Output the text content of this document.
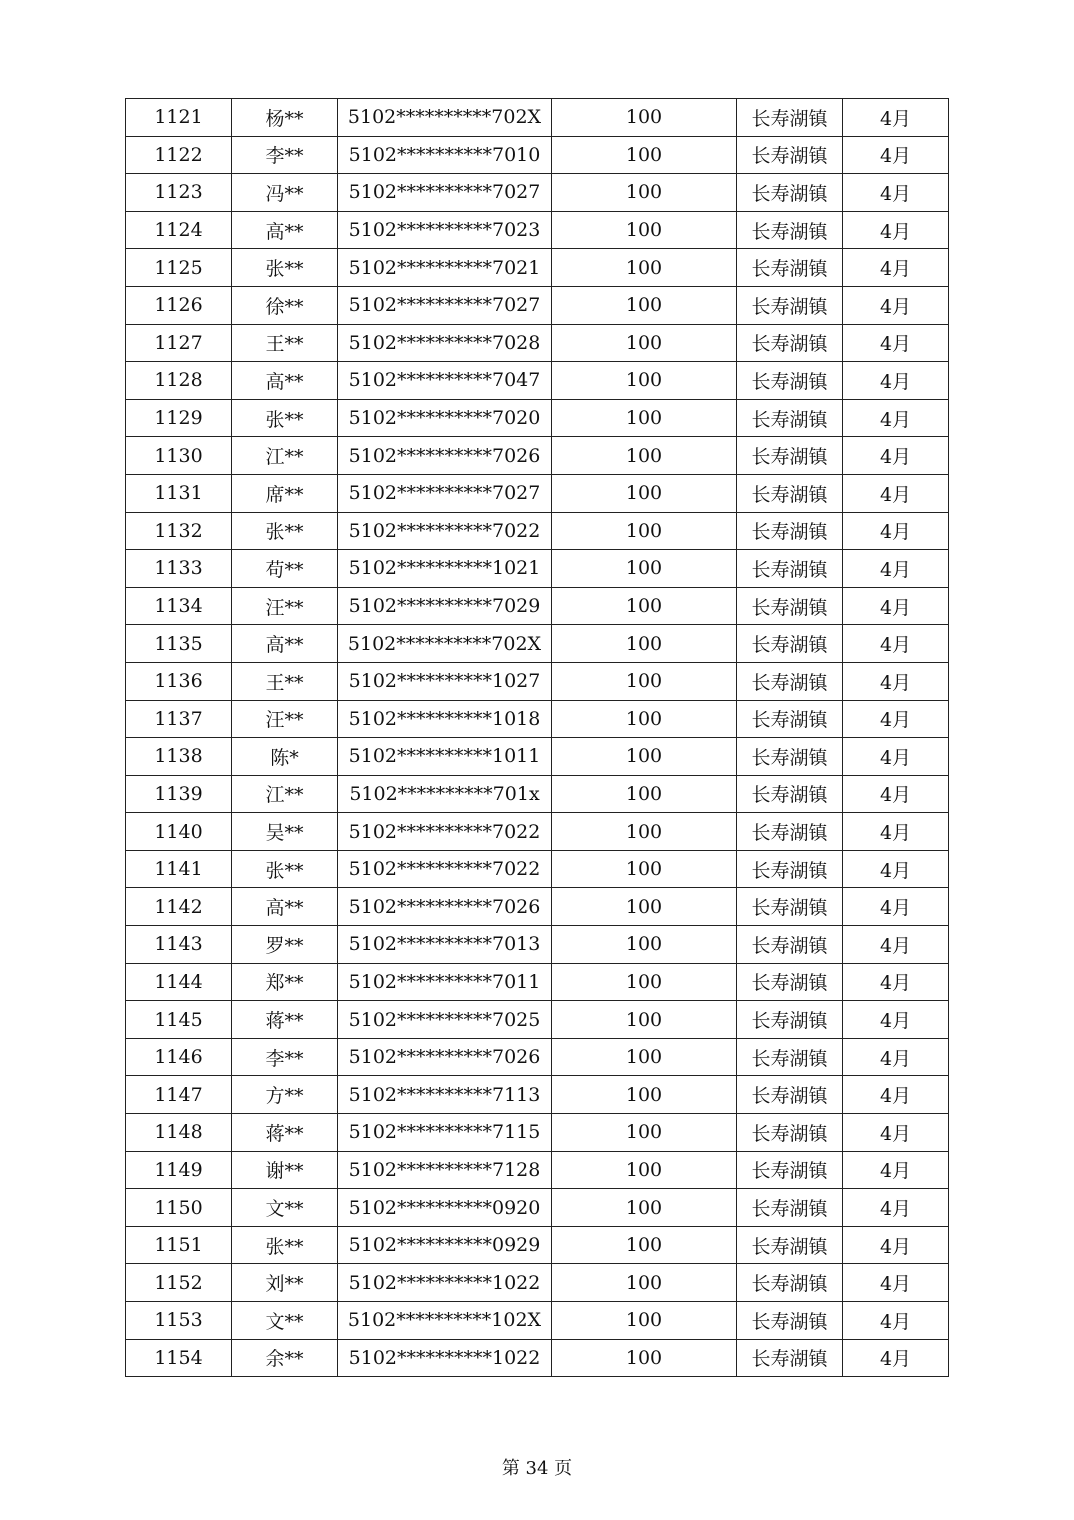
1121	杨**	5102**********702X	100	长寿湖镇	4月
1122	李**	5102**********7010	100	长寿湖镇	4月
1123	冯**	5102**********7027	100	长寿湖镇	4月
1124	高**	5102**********7023	100	长寿湖镇	4月
1125	张**	5102**********7021	100	长寿湖镇	4月
1126	徐**	5102**********7027	100	长寿湖镇	4月
1127	王**	5102**********7028	100	长寿湖镇	4月
1128	高**	5102**********7047	100	长寿湖镇	4月
1129	张**	5102**********7020	100	长寿湖镇	4月
1130	江**	5102**********7026	100	长寿湖镇	4月
1131	席**	5102**********7027	100	长寿湖镇	4月
1132	张**	5102**********7022	100	长寿湖镇	4月
1133	苟**	5102**********1021	100	长寿湖镇	4月
1134	汪**	5102**********7029	100	长寿湖镇	4月
1135	高**	5102**********702X	100	长寿湖镇	4月
1136	王**	5102**********1027	100	长寿湖镇	4月
1137	汪**	5102**********1018	100	长寿湖镇	4月
1138	陈*	5102**********1011	100	长寿湖镇	4月
1139	江**	5102**********701x	100	长寿湖镇	4月
1140	吴**	5102**********7022	100	长寿湖镇	4月
1141	张**	5102**********7022	100	长寿湖镇	4月
1142	高**	5102**********7026	100	长寿湖镇	4月
1143	罗**	5102**********7013	100	长寿湖镇	4月
1144	郑**	5102**********7011	100	长寿湖镇	4月
1145	蒋**	5102**********7025	100	长寿湖镇	4月
1146	李**	5102**********7026	100	长寿湖镇	4月
1147	方**	5102**********7113	100	长寿湖镇	4月
1148	蒋**	5102**********7115	100	长寿湖镇	4月
1149	谢**	5102**********7128	100	长寿湖镇	4月
1150	文**	5102**********0920	100	长寿湖镇	4月
1151	张**	5102**********0929	100	长寿湖镇	4月
1152	刘**	5102**********1022	100	长寿湖镇	4月
1153	文**	5102**********102X	100	长寿湖镇	4月
1154	余**	5102**********1022	100	长寿湖镇	4月
第 34 页
